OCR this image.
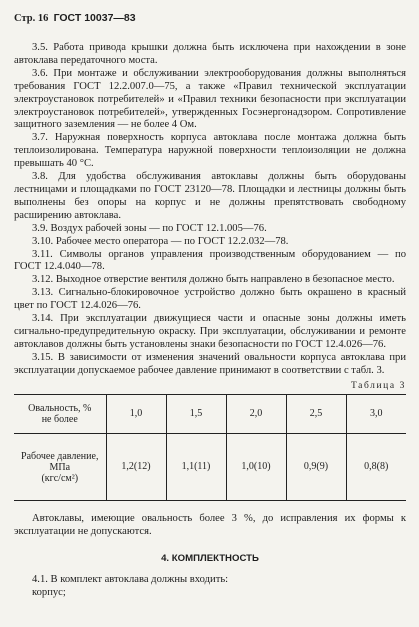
Стр. 16 ГОСТ 10037—83

3.5. Работа привода крышки должна быть исключена при нахождении в зоне автоклава передаточного моста.

3.6. При монтаже и обслуживании электрооборудования должны выполняться требования ГОСТ 12.2.007.0—75, а также «Правил технической эксплуатации электроустановок потребителей» и «Правил техники безопасности при эксплуатации электроустановок потребителей», утвержденных Госэнергонадзором. Сопротивление защитного заземления — не более 4 Ом.

3.7. Наружная поверхность корпуса автоклава после монтажа должна быть теплоизолирована. Температура наружной поверхности теплоизоляции не должна превышать 40 °С.

3.8. Для удобства обслуживания автоклавы должны быть оборудованы лестницами и площадками по ГОСТ 23120—78. Площадки и лестницы должны быть выполнены без опоры на корпус и не должны препятствовать свободному расширению автоклава.

3.9. Воздух рабочей зоны — по ГОСТ 12.1.005—76.

3.10. Рабочее место оператора — по ГОСТ 12.2.032—78.

3.11. Символы органов управления производственным оборудованием — по ГОСТ 12.4.040—78.

3.12. Выходное отверстие вентиля должно быть направлено в безопасное место.

3.13. Сигнально-блокировочное устройство должно быть окрашено в красный цвет по ГОСТ 12.4.026—76.

3.14. При эксплуатации движущиеся части и опасные зоны должны иметь сигнально-предупредительную окраску. При эксплуатации, обслуживании и ремонте автоклавов должны быть установлены знаки безопасности по ГОСТ 12.4.026—76.

3.15. В зависимости от изменения значений овальности корпуса автоклава при эксплуатации допускаемое рабочее давление принимают в соответствии с табл. 3.

Таблица 3
Овальность, %
не более	1,0	1,5	2,0	2,5	3,0
Рабочее давление, МПа
(кгс/см²)	1,2(12)	1,1(11)	1,0(10)	0,9(9)	0,8(8)

Автоклавы, имеющие овальность более 3 %, до исправления их формы к эксплуатации не допускаются.

4. КОМПЛЕКТНОСТЬ

4.1. В комплект автоклава должны входить:

корпус;
